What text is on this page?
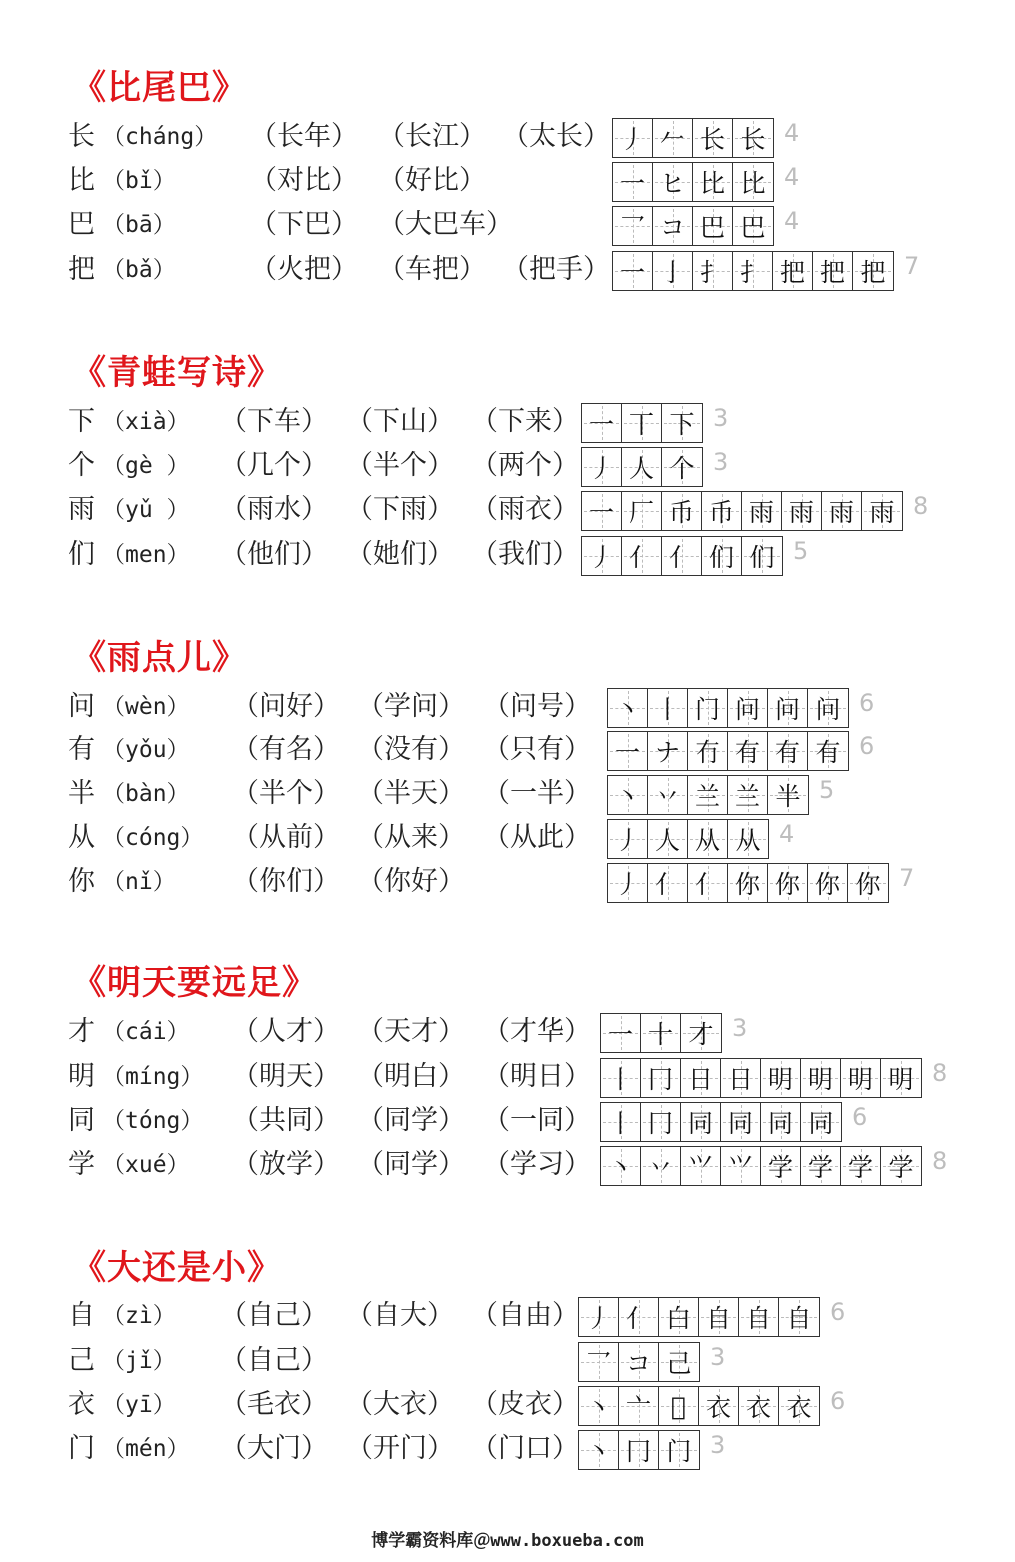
《比尾巴》
长 （cháng） （长年） （长江） （太长） 丿 𠂉 长 长 4
比 （bǐ）	（对比） （好比）	一 ヒ 比 比 4
巴 （bā）	（下巴） （大巴车）	乛 コ 巴 巴 4
把 （bǎ）	（火把） （车把） （把手） 一 亅 扌 扌 把 把 把 7
《青蛙写诗》
下 （xià） （下车） （下山） （下来） 一 丅 下 3
个 （gè ） （几个） （半个） （两个） 丿 人 个 3
雨 （yǔ ） （雨水） （下雨） （雨衣） 一 厂 币 币 雨 雨 雨 雨 8
们 （men） （他们） （她们） （我们） 丿 亻 亻 们 们 5
《雨点儿》
问 （wèn） （问好） （学问） （问号） 丶 丨 门 问 问 问 6
有 （yǒu） （有名） （没有） （只有） 一 ナ 冇 有 有 有 6
半 （bàn） （半个） （半天） （一半） 丶 丷 兰 兰 半 5
从 （cóng） （从前） （从来） （从此） 丿 人 从 从 4
你 （nǐ） （你们） （你好）	丿 亻 亻 你 你 你 你 7
《明天要远足》
才 （cái） （人才） （天才） （才华） 一 十 才 3
明 （míng） （明天） （明白） （明日） 丨 冂 日 日 明 明 明 明 8
同 （tóng） （共同） （同学） （一同） 丨 冂 同 同 同 同 6
学 （xué） （放学） （同学） （学习） 丶 丷 ⺍ ⺍ 学 学 学 学 8
《大还是小》
自 （zì） （自己） （自大） （自由） 丿 亻 白 自 自 自 6
己 （jǐ） （自己）	乛 コ 己 3
衣 （yī） （毛衣） （大衣） （皮衣） 丶 亠 𠅁 衣 衣 衣 6
门 （mén） （大门） （开门） （门口） 丶 冂 门 3
博学霸资料库＠www.boxueba.com
